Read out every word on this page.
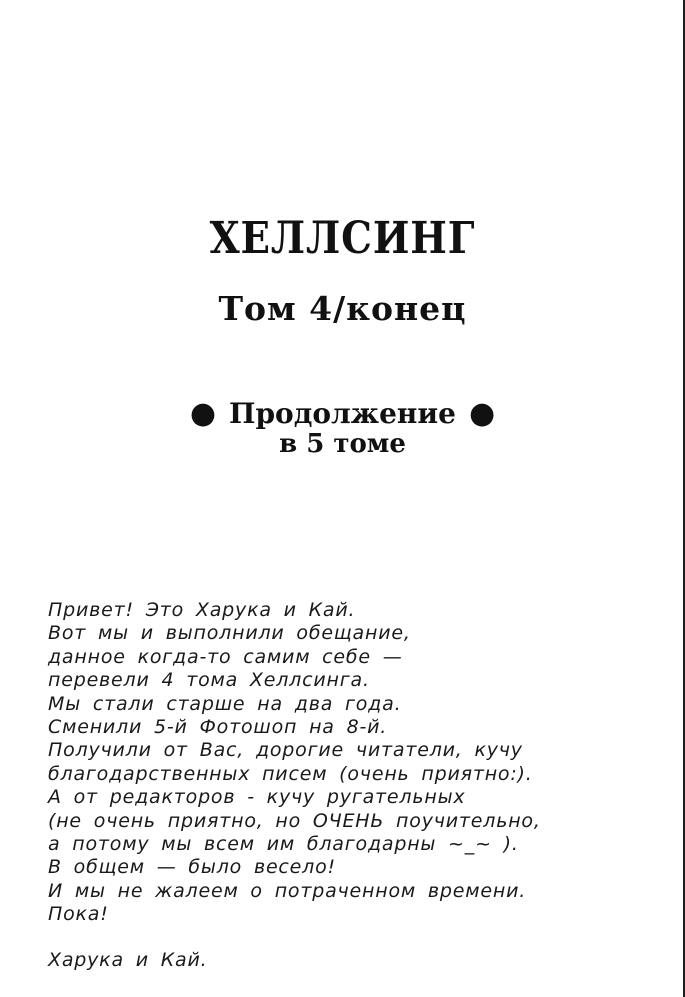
ХЕЛЛСИНГ
Том 4/конец
● Продолжение ●
в 5 томе
Привет! Это Харука и Кай.
Вот мы и выполнили обещание,
данное когда-то самим себе —
перевели 4 тома Хеллсинга.
Мы стали старше на два года.
Сменили 5-й Фотошоп на 8-й.
Получили от Вас, дорогие читатели, кучу
благодарственных писем (очень приятно:).
А от редакторов - кучу ругательных
(не очень приятно, но ОЧЕНЬ поучительно,
а потому мы всем им благодарны ~_~ ).
В общем — было весело!
И мы не жалеем о потраченном времени.
Пока!
Харука и Кай.
